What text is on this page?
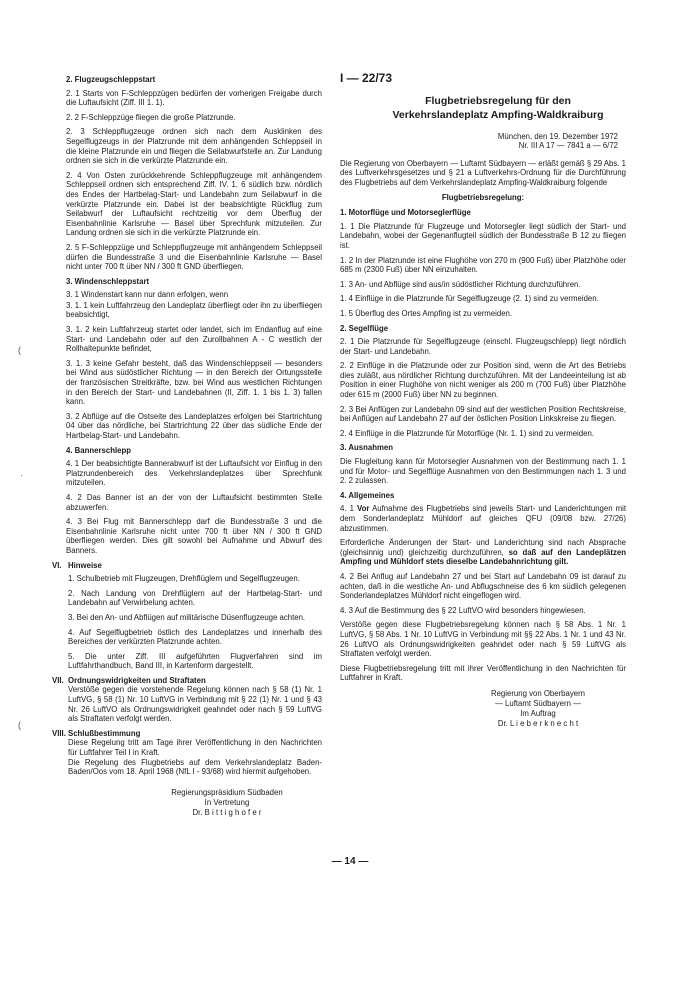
(
·
(
2. Flugzeugschleppstart

2. 1 Starts von F-Schleppzügen bedürfen der vorherigen Freigabe durch die Luftaufsicht (Ziff. III 1. 1).

2. 2 F-Schleppzüge fliegen die große Platzrunde.

2. 3 Schleppflugzeuge ordnen sich nach dem Ausklinken des Segelflugzeugs in der Platzrunde mit dem anhängenden Schleppseil in die kleine Platzrunde ein und fliegen die Seilabwurfstelle an. Zur Landung ordnen sie sich in die verkürzte Platzrunde ein.

2. 4 Von Osten zurückkehrende Schleppflugzeuge mit anhängendem Schleppseil ordnen sich entsprechend Ziff. IV. 1. 6 südlich bzw. nördlich des Endes der Hartbelag-Start- und Landebahn zum Seilabwurf in die verkürzte Platzrunde ein. Dabei ist der beabsichtigte Rückflug zum Seilabwurf der Luftaufsicht rechtzeitig vor dem Überflug der Eisenbahnlinie Karlsruhe — Basel über Sprechfunk mitzuteilen. Zur Landung ordnen sie sich in die verkürzte Platzrunde ein.

2. 5 F-Schleppzüge und Schleppflugzeuge mit anhängendem Schleppseil dürfen die Bundesstraße 3 und die Eisenbahnlinie Karlsruhe — Basel nicht unter 700 ft über NN / 300 ft GND überfliegen.

3. Windenschleppstart

3. 1 Windenstart kann nur dann erfolgen, wenn

3. 1. 1 kein Luftfahrzeug den Landeplatz überfliegt oder ihn zu überfliegen beabsichtigt,

3. 1. 2 kein Luftfahrzeug startet oder landet, sich im Endanflug auf eine Start- und Landebahn oder auf den Zurollbahnen A - C westlich der Rollhaltepunkte befindet,

3. 1. 3 keine Gefahr besteht, daß das Windenschleppseil — besonders bei Wind aus südöstlicher Richtung — in den Bereich der Ortungsstelle der französischen Streitkräfte, bzw. bei Wind aus westlichen Richtungen in den Bereich der Start- und Landebahnen (II, Ziff. 1. 1 bis 1. 3) fallen kann.

3. 2 Abflüge auf die Ostseite des Landeplatzes erfolgen bei Startrichtung 04 über das nördliche, bei Startrichtung 22 über das südliche Ende der Hartbelag-Start- und Landebahn.

4. Bannerschlepp

4. 1 Der beabsichtigte Bannerabwurf ist der Luftaufsicht vor Einflug in den Platzrundenbereich des Verkehrslandeplatzes über Sprechfunk mitzuteilen.

4. 2 Das Banner ist an der von der Luftaufsicht bestimmten Stelle abzuwerfen.

4. 3 Bei Flug mit Bannerschlepp darf die Bundesstraße 3 und die Eisenbahnlinie Karlsruhe nicht unter 700 ft über NN / 300 ft GND überfliegen werden. Dies gilt sowohl bei Aufnahme und Abwurf des Banners.

VI. Hinweise

1. Schulbetrieb mit Flugzeugen, Drehflüglern und Segelflugzeugen.

2. Nach Landung von Drehflüglern auf der Hartbelag-Start- und Landebahn auf Verwirbelung achten.

3. Bei den An- und Abflügen auf militärische Düsenflugzeuge achten.

4. Auf Segelflugbetrieb östlich des Landeplatzes und innerhalb des Bereiches der verkürzten Platzrunde achten.

5. Die unter Ziff. III aufgeführten Flugverfahren sind im Luftfahrthandbuch, Band III, in Kartenform dargestellt.

VII. Ordnungswidrigkeiten und Straftaten

Verstöße gegen die vorstehende Regelung können nach § 58 (1) Nr. 1 LuftVG, § 58 (1) Nr. 10 LuftVG in Verbindung mit § 22 (1) Nr. 1 und § 43 Nr. 26 LuftVO als Ordnungswidrigkeit geahndet oder nach § 59 LuftVG als Straftaten verfolgt werden.

VIII. Schlußbestimmung

Diese Regelung tritt am Tage ihrer Veröffentlichung in den Nachrichten für Luftfahrer Teil I in Kraft.

Die Regelung des Flugbetriebs auf dem Verkehrslandeplatz Baden-Baden/Oos vom 18. April 1968 (NfL I - 93/68) wird hiermit aufgehoben.

Regierungspräsidium Südbaden
In Vertretung
Dr. B i t t i g h o f e r
I — 22/73
Flugbetriebsregelung für den
Verkehrslandeplatz Ampfing-Waldkraiburg
München, den 19. Dezember 1972
Nr. III A 17 — 7841 a — 6/72

Die Regierung von Oberbayern — Luftamt Südbayern — erläßt gemäß § 29 Abs. 1 des Luftverkehrsgesetzes und § 21 a Luftverkehrs-Ordnung für die Durchführung des Flugbetriebs auf dem Verkehrslandeplatz Ampfing-Waldkraiburg folgende

Flugbetriebsregelung:
1. Motorflüge und Motorseglerflüge

1. 1 Die Platzrunde für Flugzeuge und Motorsegler liegt südlich der Start- und Landebahn, wobei der Gegenanflugteil südlich der Bundesstraße B 12 zu fliegen ist.

1. 2 In der Platzrunde ist eine Flughöhe von 270 m (900 Fuß) über Platzhöhe oder 685 m (2300 Fuß) über NN einzuhalten.

1. 3 An- und Abflüge sind aus/in südöstlicher Richtung durchzuführen.

1. 4 Einflüge in die Platzrunde für Segelflugzeuge (2. 1) sind zu vermeiden.

1. 5 Überflug des Ortes Ampfing ist zu vermeiden.

2. Segelflüge

2. 1 Die Platzrunde für Segelflugzeuge (einschl. Flugzeugschlepp) liegt nördlich der Start- und Landebahn.

2. 2 Einflüge in die Platzrunde oder zur Position sind, wenn die Art des Betriebs dies zuläßt, aus nördlicher Richtung durchzuführen. Mit der Landeeinteilung ist ab Position in einer Flughöhe von nicht weniger als 200 m (700 Fuß) über Platzhöhe oder 615 m (2000 Fuß) über NN zu beginnen.

2. 3 Bei Anflügen zur Landebahn 09 sind auf der westlichen Position Rechtskreise, bei Anflügen auf Landebahn 27 auf der östlichen Position Linkskreise zu fliegen.

2. 4 Einflüge in die Platzrunde für Motorflüge (Nr. 1. 1) sind zu vermeiden.

3. Ausnahmen

Die Flugleitung kann für Motorsegler Ausnahmen von der Bestimmung nach 1. 1 und für Motor- und Segelflüge Ausnahmen von den Bestimmungen nach 1. 3 und 2. 2 zulassen.

4. Allgemeines

4. 1 Vor Aufnahme des Flugbetriebs sind jeweils Start- und Landerichtungen mit dem Sonderlandeplatz Mühldorf auf gleiches QFU (09/08 bzw. 27/26) abzustimmen.

Erforderliche Änderungen der Start- und Landerichtung sind nach Absprache (gleichsinnig und) gleichzeitig durchzuführen, so daß auf den Landeplätzen Ampfing und Mühldorf stets dieselbe Landebahnrichtung gilt.

4. 2 Bei Anflug auf Landebahn 27 und bei Start auf Landebahn 09 ist darauf zu achten, daß in die westliche An- und Abflugschneise des 6 km südlich gelegenen Sonderlandeplatzes Mühldorf nicht eingeflogen wird.

4. 3 Auf die Bestimmung des § 22 LuftVO wird besonders hingewiesen.

Verstöße gegen diese Flugbetriebsregelung können nach § 58 Abs. 1 Nr. 1 LuftVG, § 58 Abs. 1 Nr. 10 LuftVG in Verbindung mit §§ 22 Abs. 1 Nr. 1 und 43 Nr. 26 LuftVO als Ordnungswidrigkeiten geahndet oder nach § 59 LuftVG als Straftaten verfolgt werden.

Diese Flugbetriebsregelung tritt mit ihrer Veröffentlichung in den Nachrichten für Luftfahrer in Kraft.

Regierung von Oberbayern
— Luftamt Südbayern —
Im Auftrag
Dr. L i e b e r k n e c h t
— 14 —
